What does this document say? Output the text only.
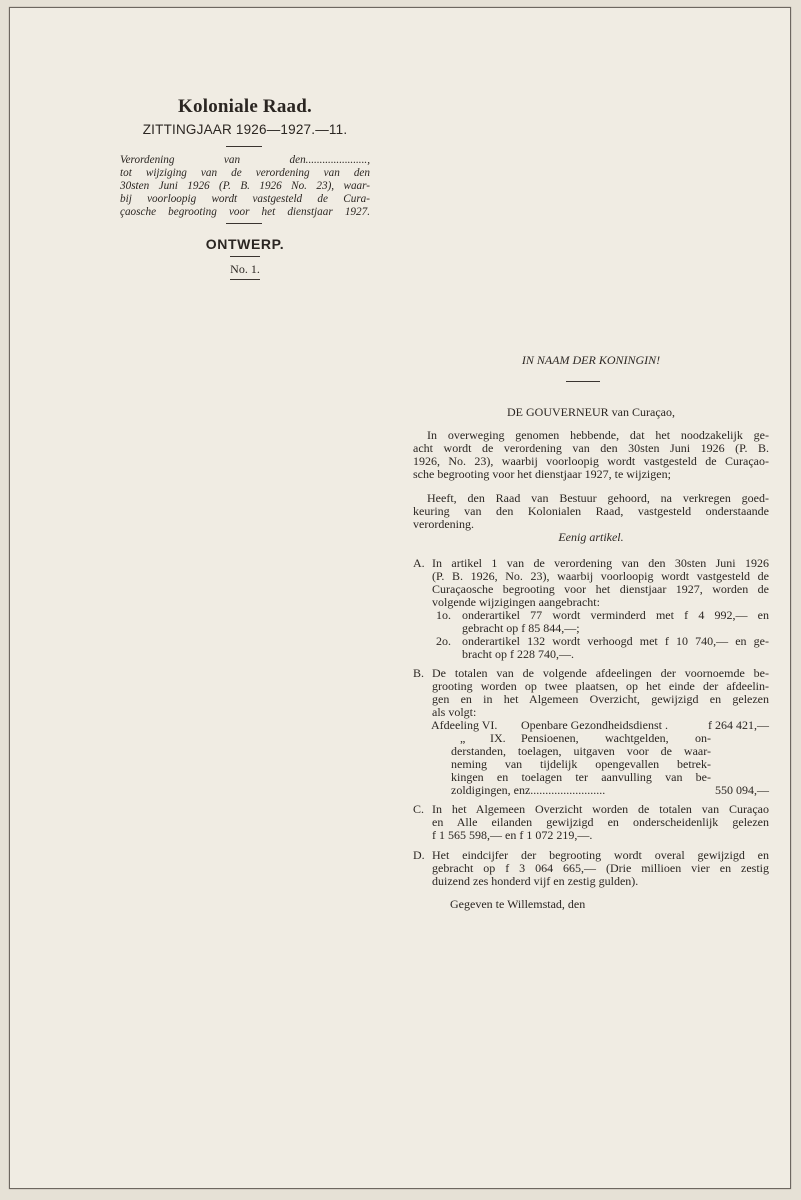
Koloniale Raad.
ZITTINGJAAR 1926—1927.—11.
Verordening van den......................,
tot wijziging van de verordening van den
30sten Juni 1926 (P. B. 1926 No. 23), waar-
bij voorloopig wordt vastgesteld de Cura-
çaosche begrooting voor het dienstjaar 1927.
ONTWERP.
No. 1.
IN NAAM DER KONINGIN!
DE GOUVERNEUR van Curaçao,
In overweging genomen hebbende, dat het noodzakelijk ge-
acht wordt de verordening van den 30sten Juni 1926 (P. B.
1926, No. 23), waarbij voorloopig wordt vastgesteld de Curaçao-
sche begrooting voor het dienstjaar 1927, te wijzigen;
Heeft, den Raad van Bestuur gehoord, na verkregen goed-
keuring van den Kolonialen Raad, vastgesteld onderstaande
verordening.
Eenig artikel.
A. In artikel 1 van de verordening van den 30sten Juni 1926
(P. B. 1926, No. 23), waarbij voorloopig wordt vastgesteld de
Curaçaosche begrooting voor het dienstjaar 1927, worden de
volgende wijzigingen aangebracht:
1o. onderartikel 77 wordt verminderd met f 4 992,— en
gebracht op f 85 844,—;
2o. onderartikel 132 wordt verhoogd met f 10 740,— en ge-
bracht op f 228 740,—.
B. De totalen van de volgende afdeelingen der voornoemde be-
grooting worden op twee plaatsen, op het einde der afdeelin-
gen en in het Algemeen Overzicht, gewijzigd en gelezen
als volgt:
Afdeeling VI. Openbare Gezondheidsdienst .	f 264 421,—
„ IX. Pensioenen, wachtgelden, on-
derstanden, toelagen, uitgaven voor de waar-
neming van tijdelijk opengevallen betrek-
kingen en toelagen ter aanvulling van be-
zoldigingen, enz.........................	550 094,—
C. In het Algemeen Overzicht worden de totalen van Curaçao
en Alle eilanden gewijzigd en onderscheidenlijk gelezen
f 1 565 598,— en f 1 072 219,—.
D. Het eindcijfer der begrooting wordt overal gewijzigd en
gebracht op f 3 064 665,— (Drie millioen vier en zestig
duizend zes honderd vijf en zestig gulden).
Gegeven te Willemstad, den
